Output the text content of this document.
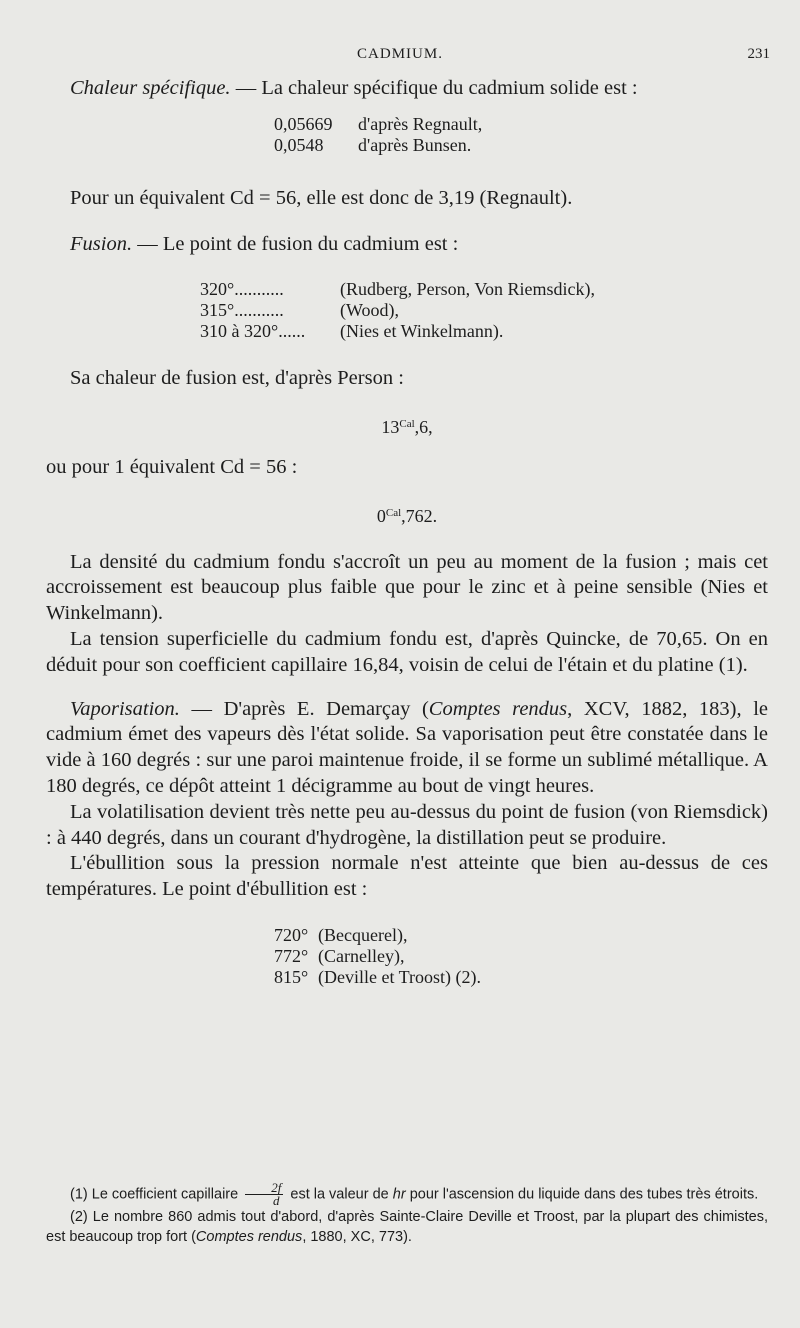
CADMIUM.	231

Chaleur spécifique. — La chaleur spécifique du cadmium solide est :

0,05669	d'après Regnault,
0,0548	d'après Bunsen.

Pour un équivalent Cd = 56, elle est donc de 3,19 (Regnault).

Fusion. — Le point de fusion du cadmium est :

320°...........	(Rudberg, Person, Von Riemsdick),
315°...........	(Wood),
310 à 320°......	(Nies et Winkelmann).

Sa chaleur de fusion est, d'après Person :

$13^{Cal},6$,

ou pour 1 équivalent Cd = 56 :

$0^{Cal},762$.

La densité du cadmium fondu s'accroît un peu au moment de la fusion ; mais cet accroissement est beaucoup plus faible que pour le zinc et à peine sensible (Nies et Winkelmann).

La tension superficielle du cadmium fondu est, d'après Quincke, de 70,65. On en déduit pour son coefficient capillaire 16,84, voisin de celui de l'étain et du platine (1).

Vaporisation. — D'après E. Demarçay (Comptes rendus, XCV, 1882, 183), le cadmium émet des vapeurs dès l'état solide. Sa vaporisation peut être constatée dans le vide à 160 degrés : sur une paroi maintenue froide, il se forme un sublimé métallique. A 180 degrés, ce dépôt atteint 1 décigramme au bout de vingt heures.

La volatilisation devient très nette peu au-dessus du point de fusion (von Riemsdick) : à 440 degrés, dans un courant d'hydrogène, la distillation peut se produire.

L'ébullition sous la pression normale n'est atteinte que bien au-dessus de ces températures. Le point d'ébullition est :

720° (Becquerel),
772° (Carnelley),
815° (Deville et Troost) (2).

(1) Le coefficient capillaire $\frac{2f}{d}$ est la valeur de hr pour l'ascension du liquide dans des tubes très étroits.

(2) Le nombre 860 admis tout d'abord, d'après Sainte-Claire Deville et Troost, par la plupart des chimistes, est beaucoup trop fort (Comptes rendus, 1880, XC, 773).
